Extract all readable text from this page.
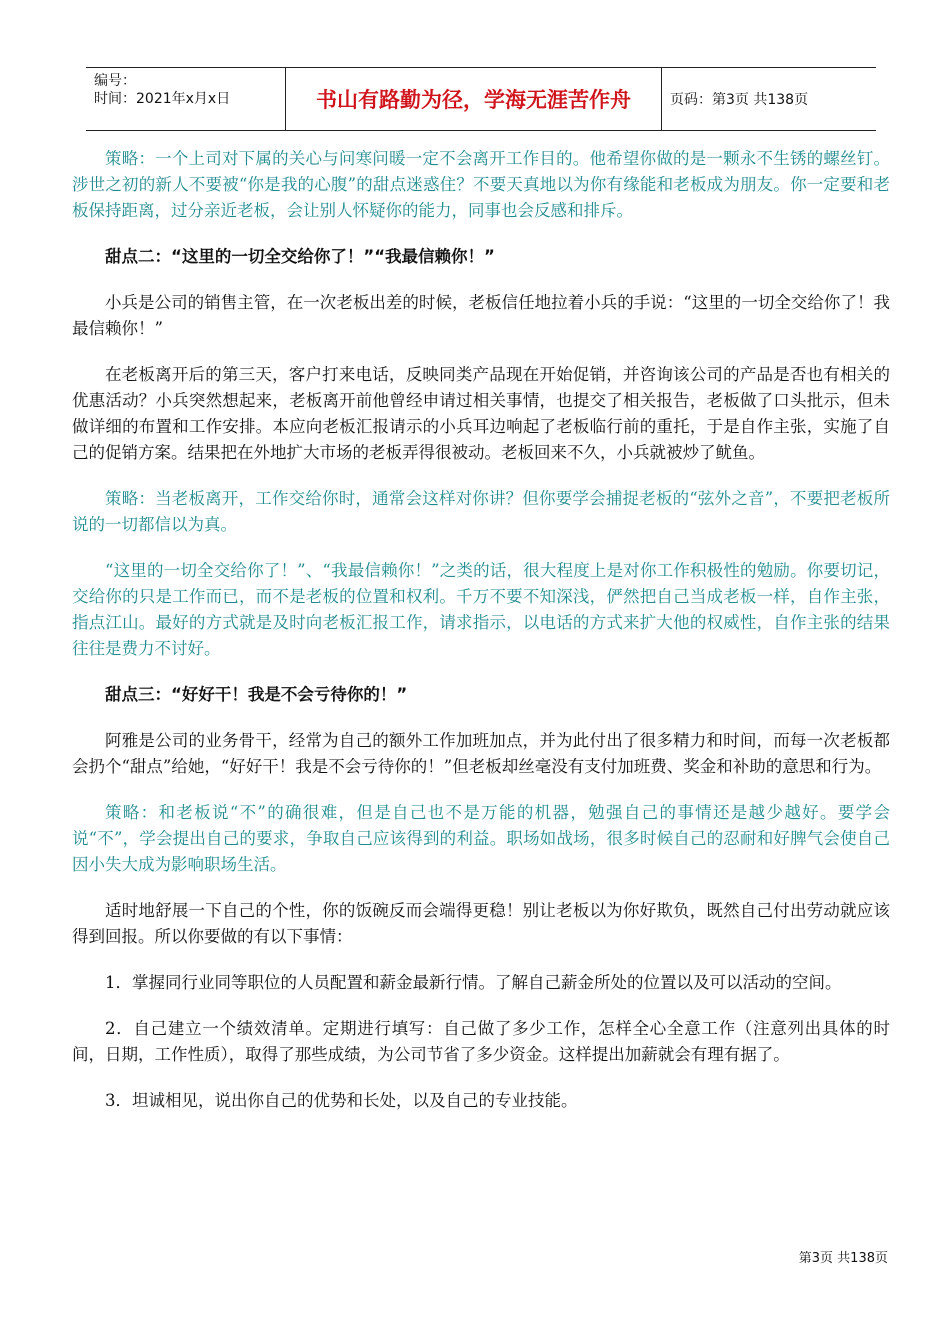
编号：
时间：2021年x月x日	书山有路勤为径，学海无涯苦作舟	页码：第3页 共138页

策略：一个上司对下属的关心与问寒问暖一定不会离开工作目的。他希望你做的是一颗永不生锈的螺丝钉。涉世之初的新人不要被“你是我的心腹”的甜点迷惑住？不要天真地以为你有缘能和老板成为朋友。你一定要和老板保持距离，过分亲近老板，会让别人怀疑你的能力，同事也会反感和排斥。

甜点二：“这里的一切全交给你了！”“我最信赖你！”

小兵是公司的销售主管，在一次老板出差的时候，老板信任地拉着小兵的手说：“这里的一切全交给你了！我最信赖你！”

在老板离开后的第三天，客户打来电话，反映同类产品现在开始促销，并咨询该公司的产品是否也有相关的优惠活动？小兵突然想起来，老板离开前他曾经申请过相关事情，也提交了相关报告，老板做了口头批示，但未做详细的布置和工作安排。本应向老板汇报请示的小兵耳边响起了老板临行前的重托，于是自作主张，实施了自己的促销方案。结果把在外地扩大市场的老板弄得很被动。老板回来不久，小兵就被炒了鱿鱼。

策略：当老板离开，工作交给你时，通常会这样对你讲？但你要学会捕捉老板的“弦外之音”，不要把老板所说的一切都信以为真。

“这里的一切全交给你了！”、“我最信赖你！”之类的话，很大程度上是对你工作积极性的勉励。你要切记，交给你的只是工作而已，而不是老板的位置和权利。千万不要不知深浅，俨然把自己当成老板一样，自作主张，指点江山。最好的方式就是及时向老板汇报工作，请求指示，以电话的方式来扩大他的权威性，自作主张的结果往往是费力不讨好。

甜点三：“好好干！我是不会亏待你的！”

阿雅是公司的业务骨干，经常为自己的额外工作加班加点，并为此付出了很多精力和时间，而每一次老板都会扔个“甜点”给她，“好好干！我是不会亏待你的！”但老板却丝毫没有支付加班费、奖金和补助的意思和行为。

策略：和老板说“不”的确很难，但是自己也不是万能的机器，勉强自己的事情还是越少越好。要学会说“不”，学会提出自己的要求，争取自己应该得到的利益。职场如战场，很多时候自己的忍耐和好脾气会使自己因小失大成为影响职场生活。

适时地舒展一下自己的个性，你的饭碗反而会端得更稳！别让老板以为你好欺负，既然自己付出劳动就应该得到回报。所以你要做的有以下事情：

1．掌握同行业同等职位的人员配置和薪金最新行情。了解自己薪金所处的位置以及可以活动的空间。

2．自己建立一个绩效清单。定期进行填写：自己做了多少工作，怎样全心全意工作（注意列出具体的时间，日期，工作性质），取得了那些成绩，为公司节省了多少资金。这样提出加薪就会有理有据了。

3．坦诚相见，说出你自己的优势和长处，以及自己的专业技能。

第3页 共138页
